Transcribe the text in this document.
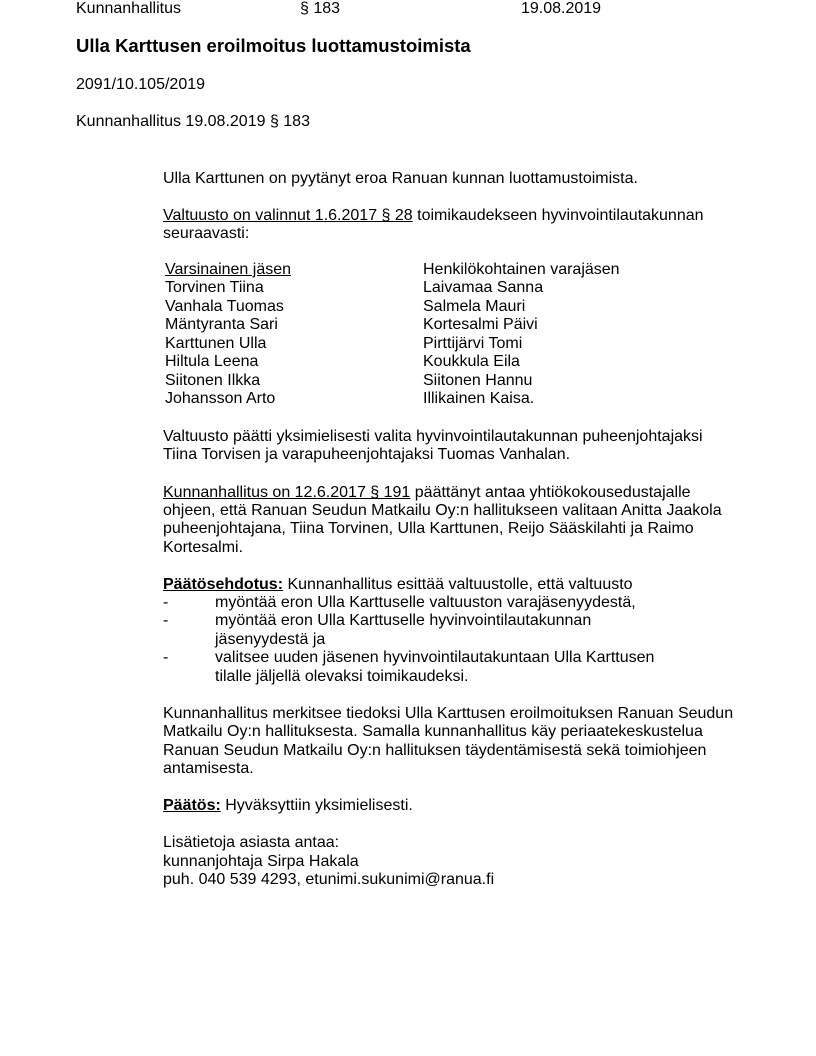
Kunnanhallitus	§ 183	19.08.2019
Ulla Karttusen eroilmoitus luottamustoimista
2091/10.105/2019
Kunnanhallitus 19.08.2019 § 183
Ulla Karttunen on pyytänyt eroa Ranuan kunnan luottamustoimista.
Valtuusto on valinnut 1.6.2017 § 28 toimikaudekseen hyvinvointilautakunnan
seuraavasti:
Varsinainen jäsen	Henkilökohtainen varajäsen
Torvinen Tiina	Laivamaa Sanna
Vanhala Tuomas	Salmela Mauri
Mäntyranta Sari	Kortesalmi Päivi
Karttunen Ulla	Pirttijärvi Tomi
Hiltula Leena	Koukkula Eila
Siitonen Ilkka	Siitonen Hannu
Johansson Arto	Illikainen Kaisa.
Valtuusto päätti yksimielisesti valita hyvinvointilautakunnan puheenjohtajaksi
Tiina Torvisen ja varapuheenjohtajaksi Tuomas Vanhalan.
Kunnanhallitus on 12.6.2017 § 191 päättänyt antaa yhtiökokousedustajalle
ohjeen, että Ranuan Seudun Matkailu Oy:n hallitukseen valitaan Anitta Jaakola
puheenjohtajana, Tiina Torvinen, Ulla Karttunen, Reijo Sääskilahti ja Raimo
Kortesalmi.
Päätösehdotus: Kunnanhallitus esittää valtuustolle, että valtuusto
-	myöntää eron Ulla Karttuselle valtuuston varajäsenyydestä,
-	myöntää eron Ulla Karttuselle hyvinvointilautakunnan
jäsenyydestä ja
-	valitsee uuden jäsenen hyvinvointilautakuntaan Ulla Karttusen
tilalle jäljellä olevaksi toimikaudeksi.
Kunnanhallitus merkitsee tiedoksi Ulla Karttusen eroilmoituksen Ranuan Seudun
Matkailu Oy:n hallituksesta. Samalla kunnanhallitus käy periaatekeskustelua
Ranuan Seudun Matkailu Oy:n hallituksen täydentämisestä sekä toimiohjeen
antamisesta.
Päätös: Hyväksyttiin yksimielisesti.
Lisätietoja asiasta antaa:
kunnanjohtaja Sirpa Hakala
puh. 040 539 4293, etunimi.sukunimi@ranua.fi
